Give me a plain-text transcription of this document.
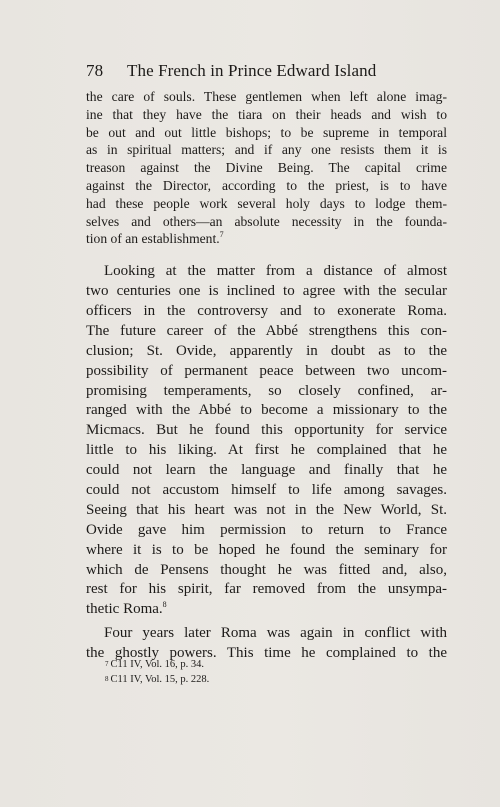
78 The French in Prince Edward Island

the care of souls. These gentlemen when left alone imag-

ine that they have the tiara on their heads and wish to

be out and out little bishops; to be supreme in temporal

as in spiritual matters; and if any one resists them it is

treason against the Divine Being. The capital crime

against the Director, according to the priest, is to have

had these people work several holy days to lodge them-

selves and others—an absolute necessity in the founda-

tion of an establishment.$^7$

Looking at the matter from a distance of almost

two centuries one is inclined to agree with the secular

officers in the controversy and to exonerate Roma.

The future career of the Abbé strengthens this con-

clusion; St. Ovide, apparently in doubt as to the

possibility of permanent peace between two uncom-

promising temperaments, so closely confined, ar-

ranged with the Abbé to become a missionary to the

Micmacs. But he found this opportunity for service

little to his liking. At first he complained that he

could not learn the language and finally that he

could not accustom himself to life among savages.

Seeing that his heart was not in the New World, St.

Ovide gave him permission to return to France

where it is to be hoped he found the seminary for

which de Pensens thought he was fitted and, also,

rest for his spirit, far removed from the unsympa-

thetic Roma.$^8$

Four years later Roma was again in conflict with

the ghostly powers. This time he complained to the

7 C11 IV, Vol. 16, p. 34.

8 C11 IV, Vol. 15, p. 228.
